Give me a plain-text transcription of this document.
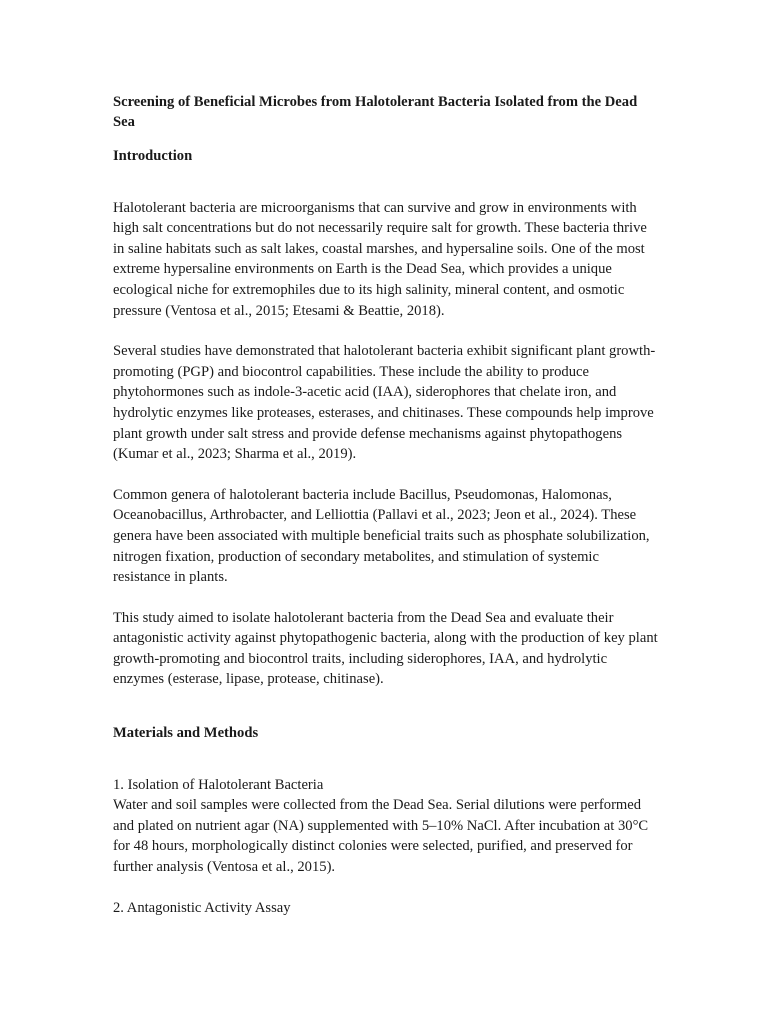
Screening of Beneficial Microbes from Halotolerant Bacteria Isolated from the Dead Sea

Introduction

Halotolerant bacteria are microorganisms that can survive and grow in environments with high salt concentrations but do not necessarily require salt for growth. These bacteria thrive in saline habitats such as salt lakes, coastal marshes, and hypersaline soils. One of the most extreme hypersaline environments on Earth is the Dead Sea, which provides a unique ecological niche for extremophiles due to its high salinity, mineral content, and osmotic pressure (Ventosa et al., 2015; Etesami & Beattie, 2018).

Several studies have demonstrated that halotolerant bacteria exhibit significant plant growth-promoting (PGP) and biocontrol capabilities. These include the ability to produce phytohormones such as indole-3-acetic acid (IAA), siderophores that chelate iron, and hydrolytic enzymes like proteases, esterases, and chitinases. These compounds help improve plant growth under salt stress and provide defense mechanisms against phytopathogens (Kumar et al., 2023; Sharma et al., 2019).

Common genera of halotolerant bacteria include Bacillus, Pseudomonas, Halomonas, Oceanobacillus, Arthrobacter, and Lelliottia (Pallavi et al., 2023; Jeon et al., 2024). These genera have been associated with multiple beneficial traits such as phosphate solubilization, nitrogen fixation, production of secondary metabolites, and stimulation of systemic resistance in plants.

This study aimed to isolate halotolerant bacteria from the Dead Sea and evaluate their antagonistic activity against phytopathogenic bacteria, along with the production of key plant growth-promoting and biocontrol traits, including siderophores, IAA, and hydrolytic enzymes (esterase, lipase, protease, chitinase).

Materials and Methods

1. Isolation of Halotolerant Bacteria

Water and soil samples were collected from the Dead Sea. Serial dilutions were performed and plated on nutrient agar (NA) supplemented with 5–10% NaCl. After incubation at 30°C for 48 hours, morphologically distinct colonies were selected, purified, and preserved for further analysis (Ventosa et al., 2015).

2. Antagonistic Activity Assay
